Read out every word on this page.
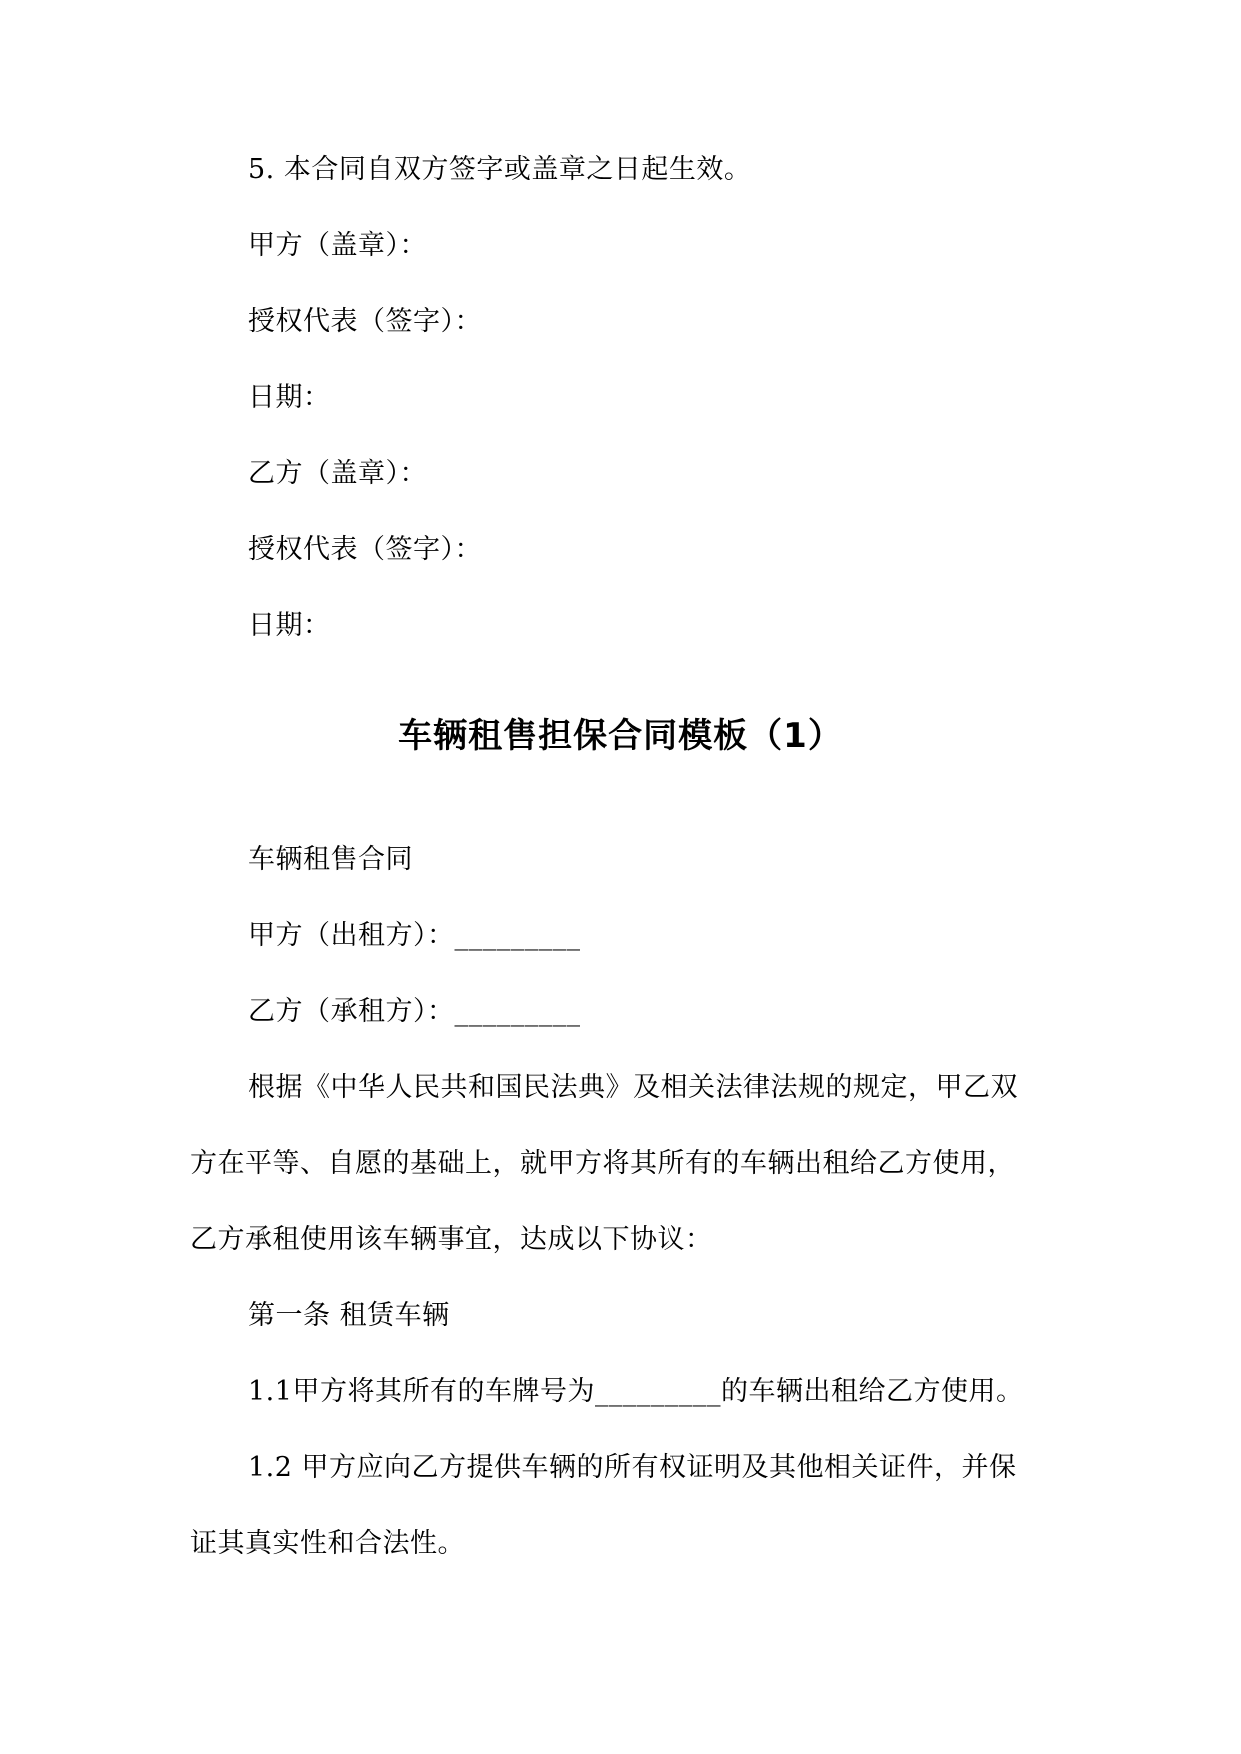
5. 本合同自双方签字或盖章之日起生效。
甲方（盖章）：
授权代表（签字）：
日期：
乙方（盖章）：
授权代表（签字）：
日期：
车辆租售担保合同模板（1）
车辆租售合同
甲方（出租方）：_________
乙方（承租方）：_________
根据《中华人民共和国民法典》及相关法律法规的规定，甲乙双
方在平等、自愿的基础上，就甲方将其所有的车辆出租给乙方使用，
乙方承租使用该车辆事宜，达成以下协议：
第一条 租赁车辆
1.1甲方将其所有的车牌号为_________的车辆出租给乙方使用。
1.2 甲方应向乙方提供车辆的所有权证明及其他相关证件，并保
证其真实性和合法性。
